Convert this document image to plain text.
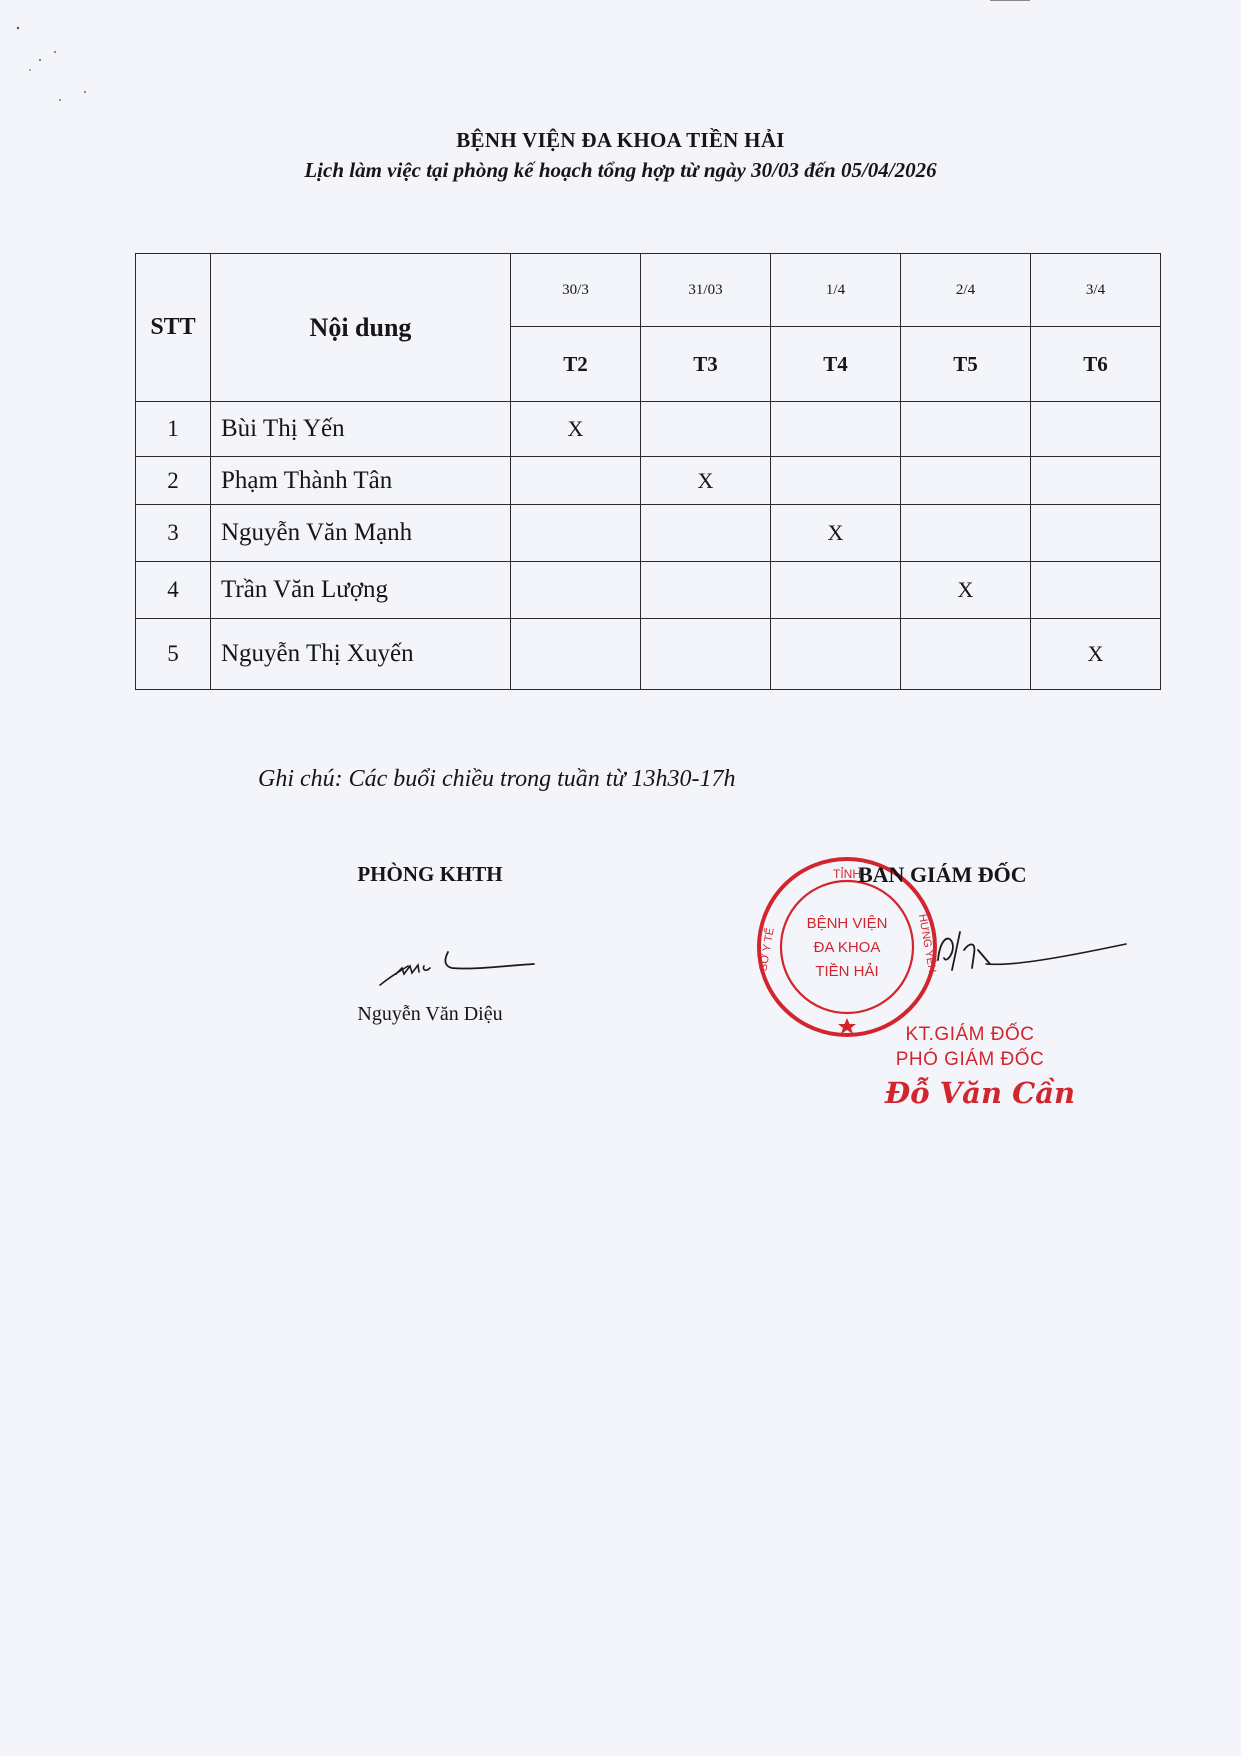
BỆNH VIỆN ĐA KHOA TIỀN HẢI
Lịch làm việc tại phòng kế hoạch tổng hợp từ ngày 30/03 đến 05/04/2026
STT	Nội dung	30/3	31/03	1/4	2/4	3/4
		T2	T3	T4	T5	T6
1	Bùi Thị Yến	X				
2	Phạm Thành Tân		X			
3	Nguyễn Văn Mạnh			X		
4	Trần Văn Lượng				X	
5	Nguyễn Thị Xuyến					X
Ghi chú: Các buổi chiều trong tuần từ 13h30-17h
PHÒNG KHTH
Nguyễn Văn Diệu
TỈNH
HƯNG YÊN
SỞ Y TẾ
BỆNH VIỆN
ĐA KHOA
TIỀN HẢI
BAN GIÁM ĐỐC
KT.GIÁM ĐỐC
PHÓ GIÁM ĐỐC
Đỗ Văn Cần
